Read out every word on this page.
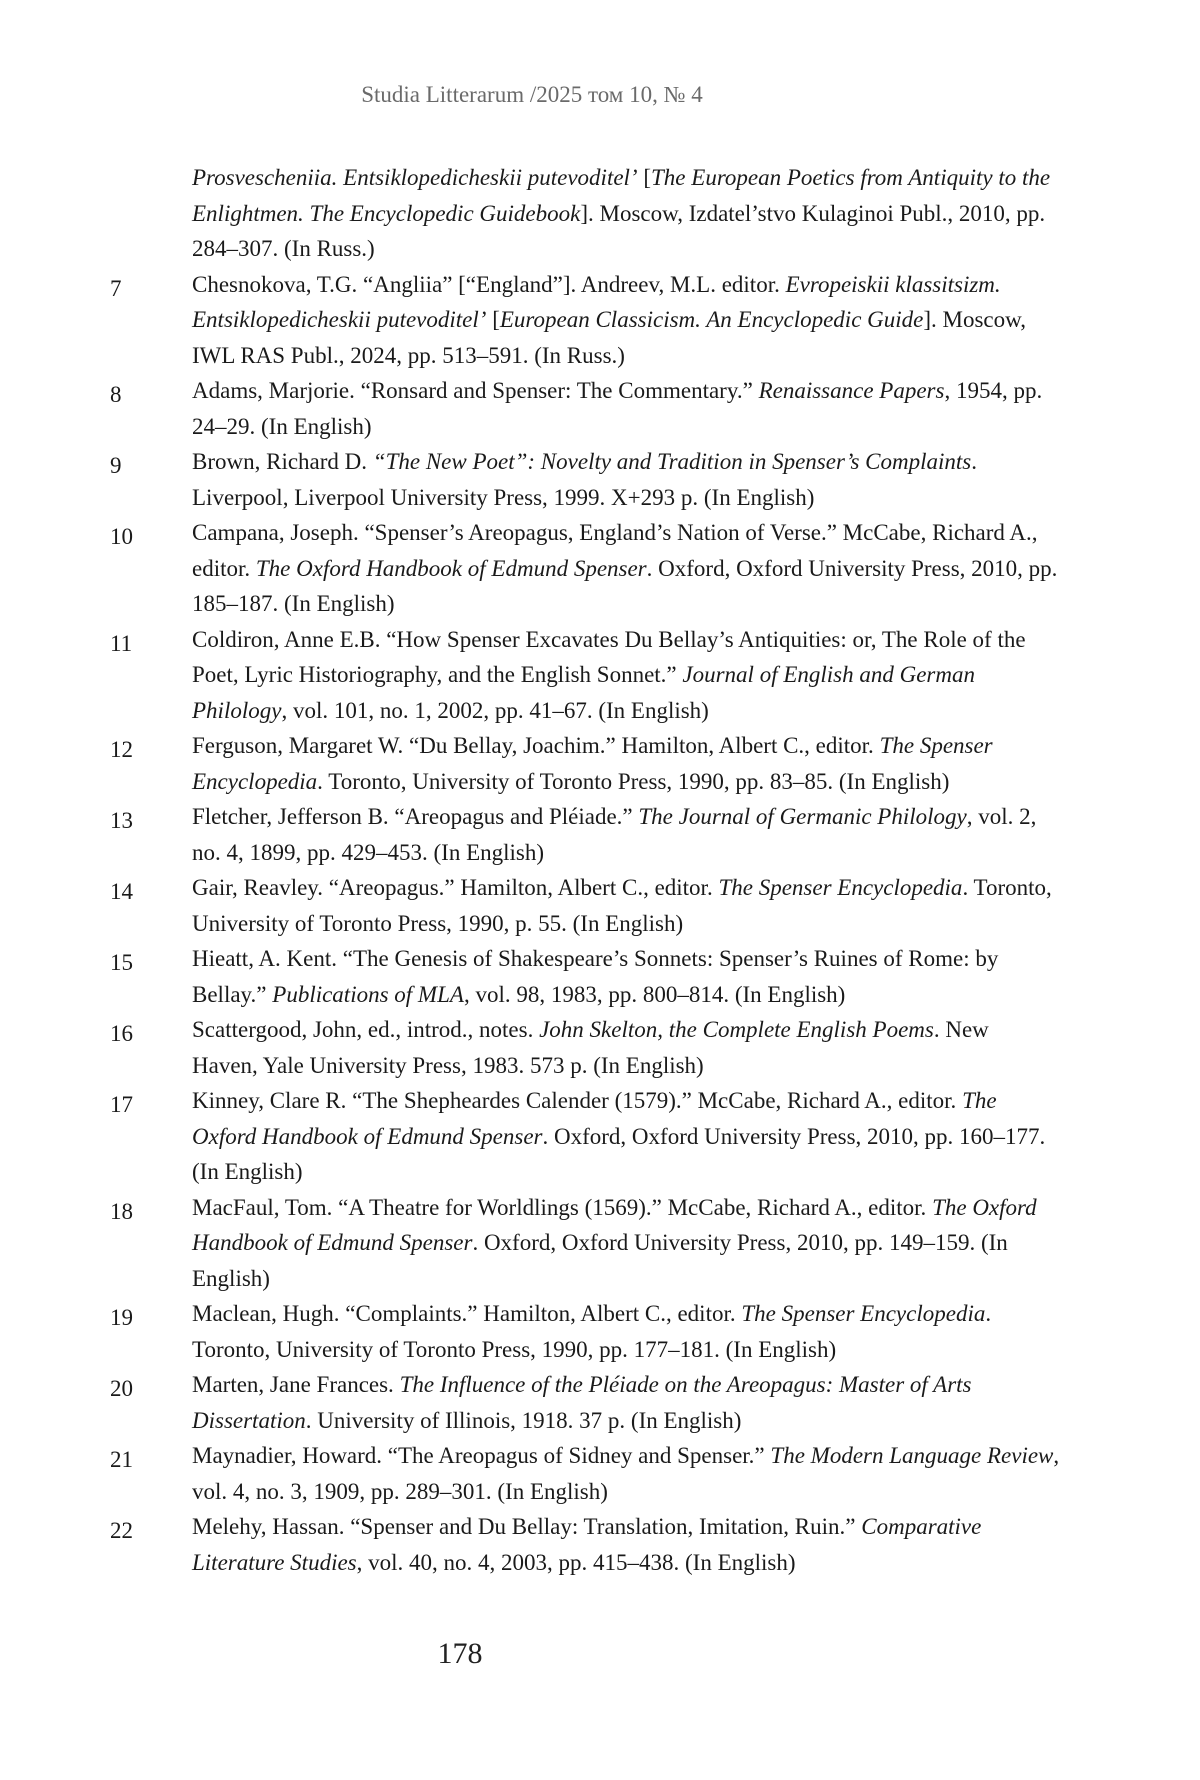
Studia Litterarum /2025 том 10, № 4
Prosvescheniia. Entsiklopedicheskii putevoditel’ [The European Poetics from Antiquity to the Enlightmen. The Encyclopedic Guidebook]. Moscow, Izdatel’stvo Kulaginoi Publ., 2010, pp. 284–307. (In Russ.)
7	Chesnokova, T.G. “Angliia” [“England”]. Andreev, M.L. editor. Evropeiskii klassitsizm. Entsiklopedicheskii putevoditel’ [European Classicism. An Encyclopedic Guide]. Moscow, IWL RAS Publ., 2024, pp. 513–591. (In Russ.)
8	Adams, Marjorie. “Ronsard and Spenser: The Commentary.” Renaissance Papers, 1954, pp. 24–29. (In English)
9	Brown, Richard D. “The New Poet”: Novelty and Tradition in Spenser’s Complaints. Liverpool, Liverpool University Press, 1999. X+293 p. (In English)
10	Campana, Joseph. “Spenser’s Areopagus, England’s Nation of Verse.” McCabe, Richard A., editor. The Oxford Handbook of Edmund Spenser. Oxford, Oxford University Press, 2010, pp. 185–187. (In English)
11	Coldiron, Anne E.B. “How Spenser Excavates Du Bellay’s Antiquities: or, The Role of the Poet, Lyric Historiography, and the English Sonnet.” Journal of English and German Philology, vol. 101, no. 1, 2002, pp. 41–67. (In English)
12	Ferguson, Margaret W. “Du Bellay, Joachim.” Hamilton, Albert C., editor. The Spenser Encyclopedia. Toronto, University of Toronto Press, 1990, pp. 83–85. (In English)
13	Fletcher, Jefferson B. “Areopagus and Pléiade.” The Journal of Germanic Philology, vol. 2, no. 4, 1899, pp. 429–453. (In English)
14	Gair, Reavley. “Areopagus.” Hamilton, Albert C., editor. The Spenser Encyclopedia. Toronto, University of Toronto Press, 1990, p. 55. (In English)
15	Hieatt, A. Kent. “The Genesis of Shakespeare’s Sonnets: Spenser’s Ruines of Rome: by Bellay.” Publications of MLA, vol. 98, 1983, pp. 800–814. (In English)
16	Scattergood, John, ed., introd., notes. John Skelton, the Complete English Poems. New Haven, Yale University Press, 1983. 573 p. (In English)
17	Kinney, Clare R. “The Shepheardes Calender (1579).” McCabe, Richard A., editor. The Oxford Handbook of Edmund Spenser. Oxford, Oxford University Press, 2010, pp. 160–177. (In English)
18	MacFaul, Tom. “A Theatre for Worldlings (1569).” McCabe, Richard A., editor. The Oxford Handbook of Edmund Spenser. Oxford, Oxford University Press, 2010, pp. 149–159. (In English)
19	Maclean, Hugh. “Complaints.” Hamilton, Albert C., editor. The Spenser Encyclopedia. Toronto, University of Toronto Press, 1990, pp. 177–181. (In English)
20	Marten, Jane Frances. The Influence of the Pléiade on the Areopagus: Master of Arts Dissertation. University of Illinois, 1918. 37 p. (In English)
21	Maynadier, Howard. “The Areopagus of Sidney and Spenser.” The Modern Language Review, vol. 4, no. 3, 1909, pp. 289–301. (In English)
22	Melehy, Hassan. “Spenser and Du Bellay: Translation, Imitation, Ruin.” Comparative Literature Studies, vol. 40, no. 4, 2003, pp. 415–438. (In English)
178
